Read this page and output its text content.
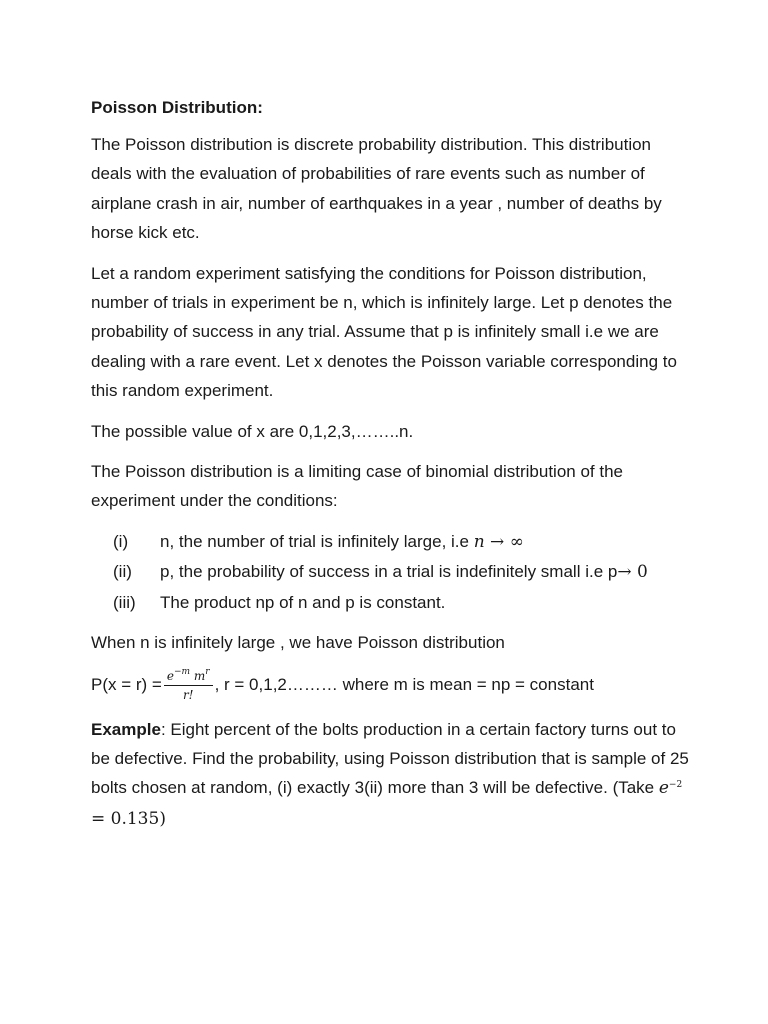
Poisson Distribution:

The Poisson distribution is discrete probability distribution. This distribution deals with the evaluation of probabilities of rare events such as number of airplane crash in air, number of earthquakes in a year , number of deaths by horse kick etc.

Let a random experiment satisfying the conditions for Poisson distribution, number of trials in experiment be n, which is infinitely large. Let p denotes the probability of success in any trial. Assume that p is infinitely small i.e we are dealing with a rare event. Let x denotes the Poisson variable corresponding to this random experiment.

The possible value of x are 0,1,2,3,……..n.

The Poisson distribution is a limiting case of binomial distribution of the experiment under the conditions:

(i)	n, the number of trial is infinitely large, i.e n → ∞
(ii)	p, the probability of success in a trial is indefinitely small i.e p→ 0
(iii)	The product np of n and p is constant.

When n is infinitely large , we have Poisson distribution

$P(x = r) = \frac{e^{-m} m^r}{r!}$ , r = 0,1,2……… where m is mean = np = constant

Example: Eight percent of the bolts production in a certain factory turns out to be defective. Find the probability, using Poisson distribution that is sample of 25 bolts chosen at random, (i) exactly 3(ii) more than 3 will be defective. (Take $e^{-2} = 0.135$)
